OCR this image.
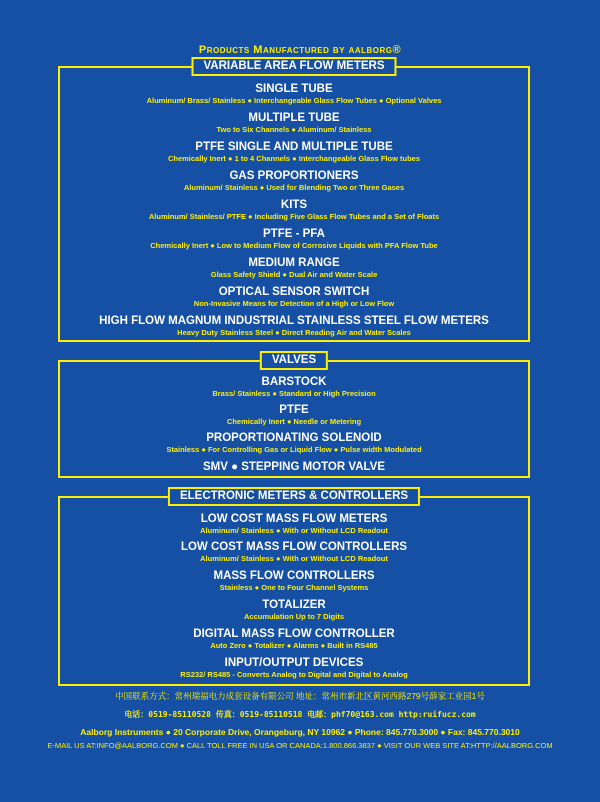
Products Manufactured by aalborg®
VARIABLE AREA FLOW METERS
SINGLE TUBE
Aluminum/ Brass/ Stainless ● Interchangeable Glass Flow Tubes ● Optional Valves
MULTIPLE TUBE
Two to Six Channels ● Aluminum/ Stainless
PTFE SINGLE AND MULTIPLE TUBE
Chemically Inert ● 1 to 4 Channels ● Interchangeable Glass Flow tubes
GAS PROPORTIONERS
Aluminum/ Stainless ● Used for Blending Two or Three Gases
KITS
Aluminum/ Stainless/ PTFE ● Including Five Glass Flow Tubes and a Set of Floats
PTFE - PFA
Chemically Inert ● Low to Medium Flow of Corrosive Liquids with PFA Flow Tube
MEDIUM RANGE
Glass Safety Shield ● Dual Air and Water Scale
OPTICAL SENSOR SWITCH
Non-Invasive Means for Detection of a High or Low Flow
HIGH FLOW MAGNUM INDUSTRIAL STAINLESS STEEL FLOW METERS
Heavy Duty Stainless Steel ● Direct Reading Air and Water Scales
VALVES
BARSTOCK
Brass/ Stainless ● Standard or High Precision
PTFE
Chemically Inert ● Needle or Metering
PROPORTIONATING SOLENOID
Stainless ● For Controlling Gas or Liquid Flow ● Pulse width Modulated
SMV ● STEPPING MOTOR VALVE
ELECTRONIC METERS & CONTROLLERS
LOW COST MASS FLOW METERS
Aluminum/ Stainless ● With or Without LCD Readout
LOW COST MASS FLOW CONTROLLERS
Aluminum/ Stainless ● With or Without LCD Readout
MASS FLOW CONTROLLERS
Stainless ● One to Four Channel Systems
TOTALIZER
Accumulation Up to 7 Digits
DIGITAL MASS FLOW CONTROLLER
Auto Zero ● Totalizer ● Alarms ● Built in RS485
INPUT/OUTPUT DEVICES
RS232/ RS485 - Converts Analog to Digital and Digital to Analog
中国联系方式：常州瑞福电力成套设备有限公司 地址：常州市新北区黄河西路279号薛家工业园1号
电话：0519-85110528 传真：0519-85110518 电邮：phf70@163.com http:ruifucz.com
Aalborg Instruments ● 20 Corporate Drive, Orangeburg, NY 10962 ● Phone: 845.770.3000 ● Fax: 845.770.3010
E-MAIL US AT:INFO@AALBORG.COM ● CALL TOLL FREE IN USA OR CANADA:1.800.866.3837 ● VISIT OUR WEB SITE AT:HTTP://AALBORG.COM
